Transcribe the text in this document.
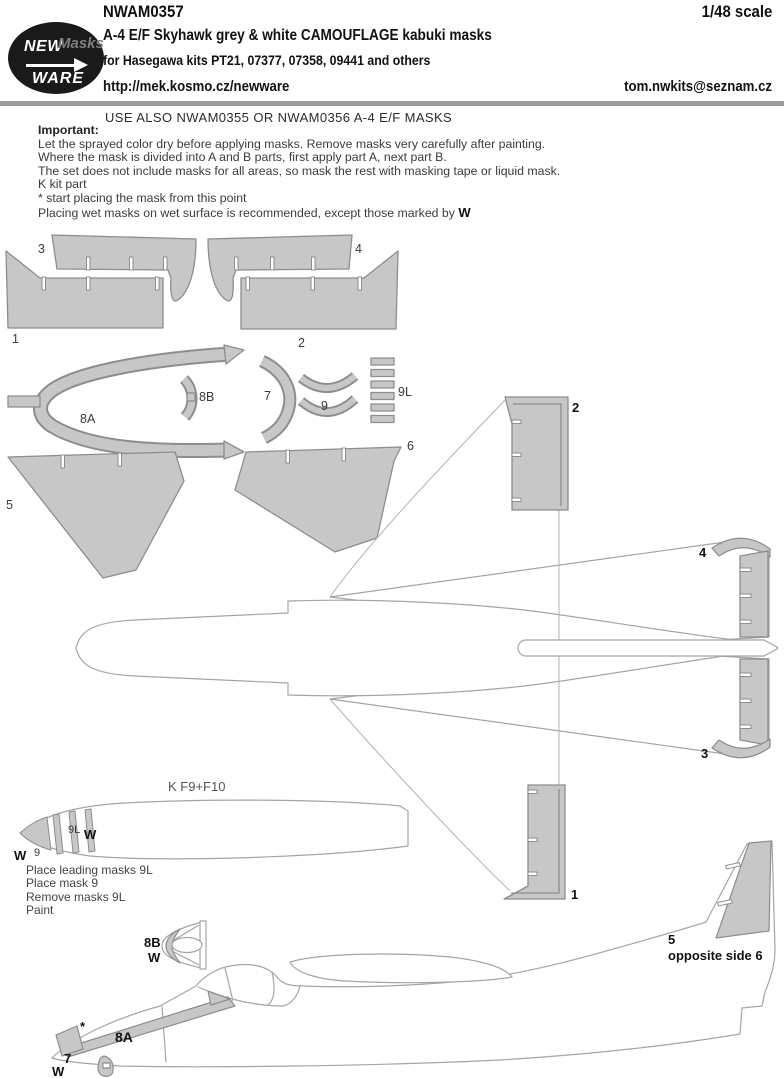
NEW
Masks
WARE
NWAM0357	1/48 scale
A-4 E/F Skyhawk grey & white CAMOUFLAGE kabuki masks
for Hasegawa kits PT21, 07377, 07358, 09441 and others
http://mek.kosmo.cz/newware	tom.nwkits@seznam.cz
USE ALSO NWAM0355 OR NWAM0356 A-4 E/F MASKS
Important:
Let the sprayed color dry before applying masks. Remove masks very carefully after painting.
Where the mask is divided into A and B parts, first apply part A, next part B.
The set does not include masks for all areas, so mask the rest with masking tape or liquid mask.
K kit part
* start placing the mask from this point
Placing wet masks on wet surface is recommended, except those marked by W
Place leading masks 9L
Place mask 9
Remove masks 9L
Paint
3	4
1	2
8A
8B	7
9
9L
5
6
2
1
4
3
K F9+F10
9L W
W 9
8B
W
*
8A
7
W
5
opposite side 6
